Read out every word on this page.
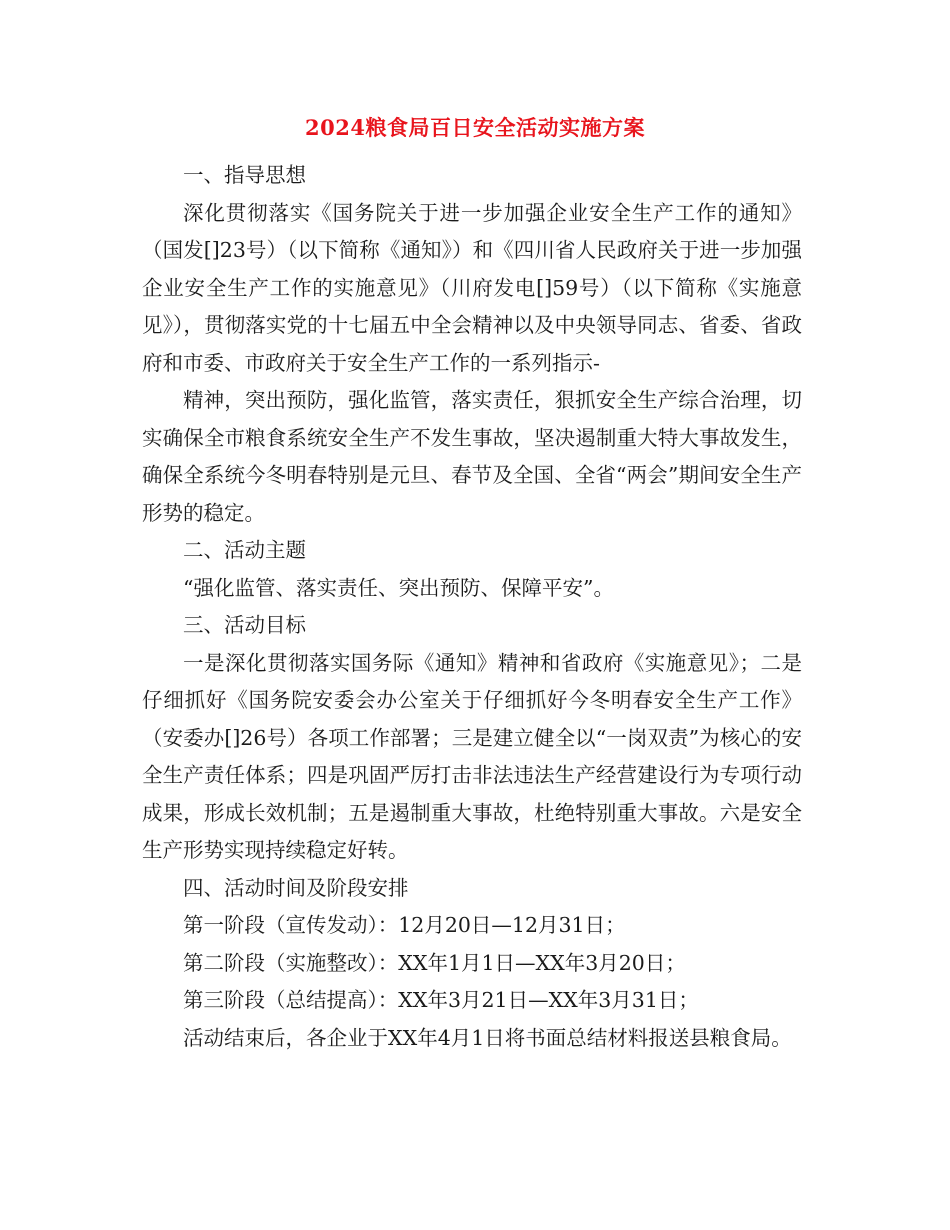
2024粮食局百日安全活动实施方案

一、指导思想

深化贯彻落实《国务院关于进一步加强企业安全生产工作的通知》（国发[]23号）（以下简称《通知》）和《四川省人民政府关于进一步加强企业安全生产工作的实施意见》（川府发电[]59号）（以下简称《实施意见》），贯彻落实党的十七届五中全会精神以及中央领导同志、省委、省政府和市委、市政府关于安全生产工作的一系列指示-

精神，突出预防，强化监管，落实责任，狠抓安全生产综合治理，切实确保全市粮食系统安全生产不发生事故，坚决遏制重大特大事故发生，确保全系统今冬明春特别是元旦、春节及全国、全省“两会”期间安全生产形势的稳定。

二、活动主题

“强化监管、落实责任、突出预防、保障平安”。

三、活动目标

一是深化贯彻落实国务际《通知》精神和省政府《实施意见》；二是仔细抓好《国务院安委会办公室关于仔细抓好今冬明春安全生产工作》（安委办[]26号）各项工作部署；三是建立健全以“一岗双责”为核心的安全生产责任体系；四是巩固严厉打击非法违法生产经营建设行为专项行动成果，形成长效机制；五是遏制重大事故，杜绝特别重大事故。六是安全生产形势实现持续稳定好转。

四、活动时间及阶段安排

第一阶段（宣传发动）：12月20日—12月31日；

第二阶段（实施整改）：XX年1月1日—XX年3月20日；

第三阶段（总结提高）：XX年3月21日—XX年3月31日；

活动结束后，各企业于XX年4月1日将书面总结材料报送县粮食局。
